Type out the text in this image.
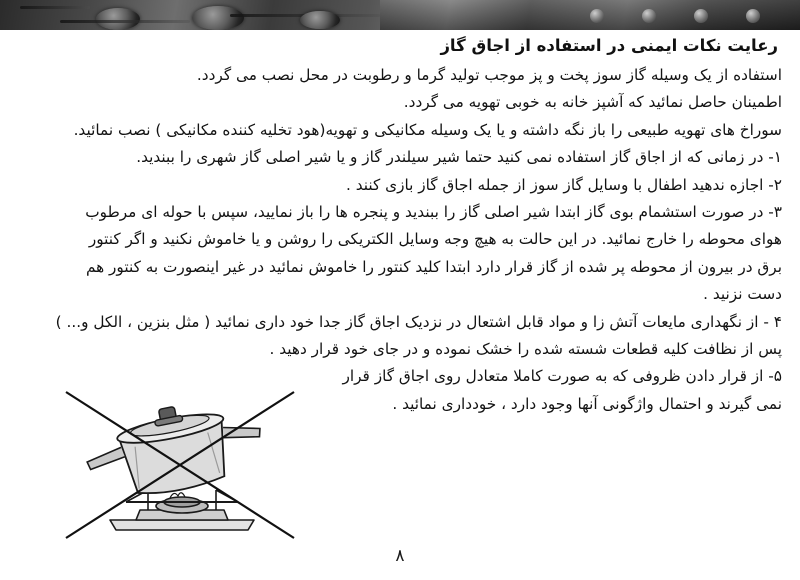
رعایت نکات ایمنی در استفاده از اجاق گاز

استفاده از یک وسیله گاز سوز پخت و پز موجب تولید گرما و رطوبت در محل نصب می گردد.

اطمینان حاصل نمائید که آشپز خانه به خوبی تهویه می گردد.

سوراخ های تهویه طبیعی را باز نگه داشته و یا یک وسیله مکانیکی و تهویه(هود تخلیه کننده مکانیکی ) نصب نمائید.

۱- در زمانی که از اجاق گاز استفاده نمی کنید حتما شیر سیلندر گاز و یا شیر اصلی گاز شهری را ببندید.

۲- اجازه ندهید اطفال با وسایل گاز سوز از جمله اجاق گاز بازی کنند .

۳- در صورت استشمام بوی گاز ابتدا شیر اصلی گاز را ببندید و پنجره ها را باز نمایید، سپس با حوله ای مرطوب

هوای محوطه را خارج نمائید. در این حالت به هیچ وجه وسایل الکتریکی را روشن و یا خاموش نکنید و اگر کنتور

برق در بیرون از محوطه پر شده از گاز قرار دارد ابتدا کلید کنتور را خاموش نمائید در غیر اینصورت به کنتور هم

دست نزنید .

۴ - از نگهداری مایعات آتش زا و مواد قابل اشتعال در نزدیک اجاق گاز جدا خود داری نمائید ( مثل بنزین ، الکل و... )

پس از نظافت کلیه قطعات شسته شده را خشک نموده و در جای خود قرار دهید .

۵- از قرار دادن ظروفی که به صورت کاملا متعادل روی اجاق گاز قرار

نمی گیرند و احتمال واژگونی آنها وجود دارد ، خودداری نمائید .

۸
